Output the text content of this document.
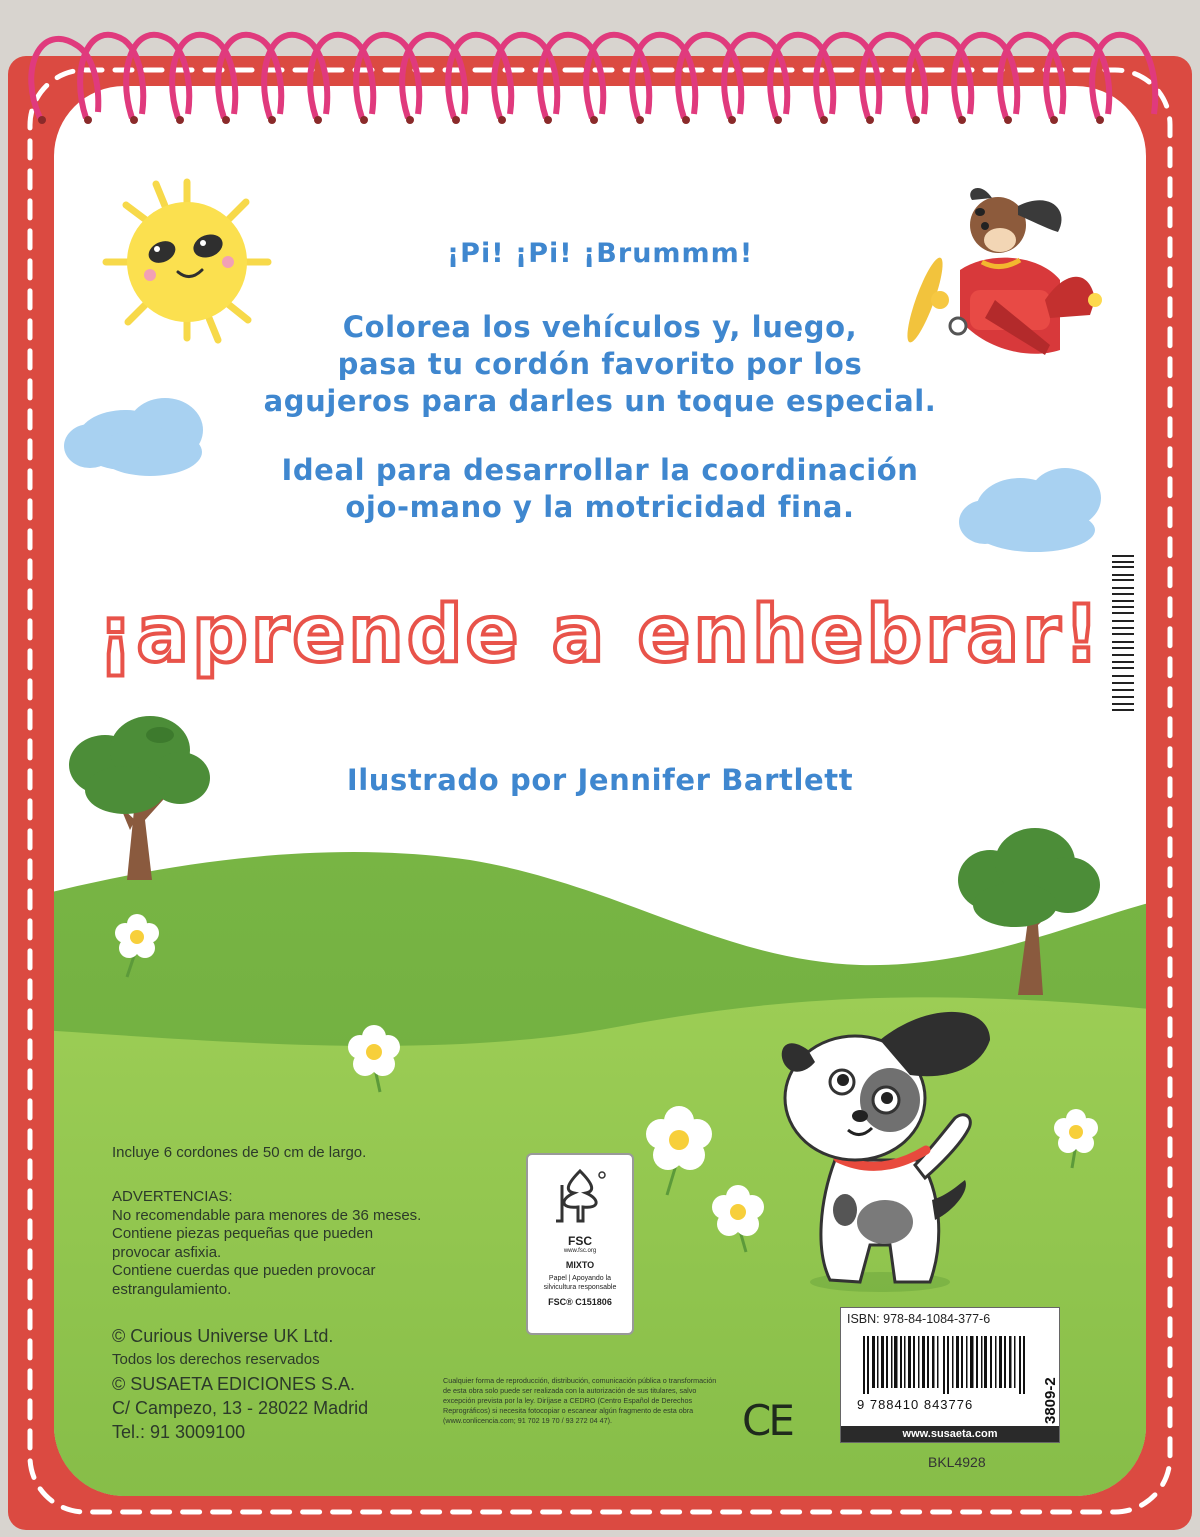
¡Pi! ¡Pi! ¡Brummm!
Colorea los vehículos y, luego,
pasa tu cordón favorito por los
agujeros para darles un toque especial.
Ideal para desarrollar la coordinación
ojo-mano y la motricidad fina.
¡aprende a enhebrar!
Ilustrado por Jennifer Bartlett
Incluye 6 cordones de 50 cm de largo.
ADVERTENCIAS:
No recomendable para menores de 36 meses.
Contiene piezas pequeñas que pueden
provocar asfixia.
Contiene cuerdas que pueden provocar
estrangulamiento.
© Curious Universe UK Ltd.
Todos los derechos reservados
© SUSAETA EDICIONES S.A.
C/ Campezo, 13 - 28022 Madrid
Tel.: 91 3009100
Cualquier forma de reproducción, distribución, comunicación pública o transformación de esta obra solo puede ser realizada con la autorización de sus titulares, salvo excepción prevista por la ley. Diríjase a CEDRO (Centro Español de Derechos Reprográficos) si necesita fotocopiar o escanear algún fragmento de esta obra (www.conlicencia.com; 91 702 19 70 / 93 272 04 47).
FSC
www.fsc.org
MIXTO
Papel | Apoyando la silvicultura responsable
FSC® C151806
CE
ISBN: 978-84-1084-377-6
9 788410 843776	3809-2
www.susaeta.com
BKL4928
